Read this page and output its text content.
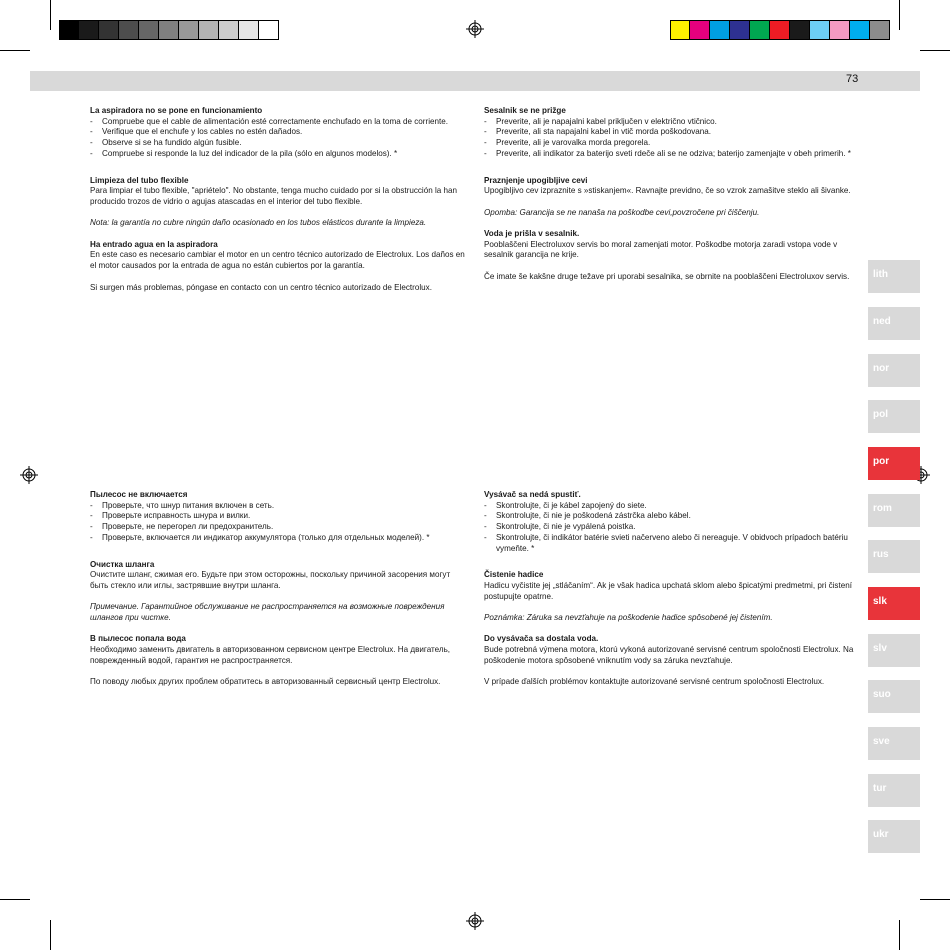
73

La aspiradora no se pone en funcionamiento

- Compruebe que el cable de alimentación esté correctamente enchufado en la toma de corriente.
- Verifique que el enchufe y los cables no estén dañados.
- Observe si se ha fundido algún fusible.
- Compruebe si responde la luz del indicador de la pila (sólo en algunos modelos). *

Limpieza del tubo flexible

Para limpiar el tubo flexible, "apriételo". No obstante, tenga mucho cuidado por si la obstrucción la han producido trozos de vidrio o agujas atascadas en el interior del tubo flexible.

Nota: la garantía no cubre ningún daño ocasionado en los tubos elásticos durante la limpieza.

Ha entrado agua en la aspiradora

En este caso es necesario cambiar el motor en un centro técnico autorizado de Electrolux. Los daños en el motor causados por la entrada de agua no están cubiertos por la garantía.

Si surgen más problemas, póngase en contacto con un centro técnico autorizado de Electrolux.

Sesalnik se ne prižge

- Preverite, ali je napajalni kabel priključen v električno vtičnico.
- Preverite, ali sta napajalni kabel in vtič morda poškodovana.
- Preverite, ali je varovalka morda pregorela.
- Preverite, ali indikator za baterijo sveti rdeče ali se ne odziva; baterijo zamenjajte v obeh primerih. *

Praznjenje upogibljive cevi

Upogibljivo cev izpraznite s »stiskanjem«. Ravnajte previdno, če so vzrok zamašitve steklo ali šivanke.

Opomba: Garancija se ne nanaša na poškodbe cevi,povzročene pri čiščenju.

Voda je prišla v sesalnik.

Pooblaščeni Electroluxov servis bo moral zamenjati motor. Poškodbe motorja zaradi vstopa vode v sesalnik garancija ne krije.

Če imate še kakšne druge težave pri uporabi sesalnika, se obrnite na pooblaščeni Electroluxov servis.

Пылесос не включается

- Проверьте, что шнур питания включен в сеть.
- Проверьте исправность шнура и вилки.
- Проверьте, не перегорел ли предохранитель.
- Проверьте, включается ли индикатор аккумулятора (только для отдельных моделей). *

Очистка шланга

Очистите шланг, сжимая его. Будьте при этом осторожны, поскольку причиной засорения могут быть стекло или иглы, застрявшие внутри шланга.

Примечание. Гарантийное обслуживание не распространяется на возможные повреждения шлангов при чистке.

В пылесос попала вода

Необходимо заменить двигатель в авторизованном сервисном центре Electrolux. На двигатель, поврежденный водой, гарантия не распространяется.

По поводу любых других проблем обратитесь в авторизованный сервисный центр Electrolux.

Vysávač sa nedá spustiť.

- Skontrolujte, či je kábel zapojený do siete.
- Skontrolujte, či nie je poškodená zástrčka alebo kábel.
- Skontrolujte, či nie je vypálená poistka.
- Skontrolujte, či indikátor batérie svieti načerveno alebo či nereaguje. V obidvoch prípadoch batériu vymeňte. *

Čistenie hadice

Hadicu vyčistite jej „stláčaním“. Ak je však hadica upchatá sklom alebo špicatými predmetmi, pri čistení postupujte opatrne.

Poznámka: Záruka sa nevzťahuje na poškodenie hadice spôsobené jej čistením.

Do vysávača sa dostala voda.

Bude potrebná výmena motora, ktorú vykoná autorizované servisné centrum spoločnosti Electrolux. Na poškodenie motora spôsobené vniknutím vody sa záruka nevzťahuje.

V prípade ďalších problémov kontaktujte autorizované servisné centrum spoločnosti Electrolux.

lith
ned
nor
pol
por
rom
rus
slk
slv
suo
sve
tur
ukr
